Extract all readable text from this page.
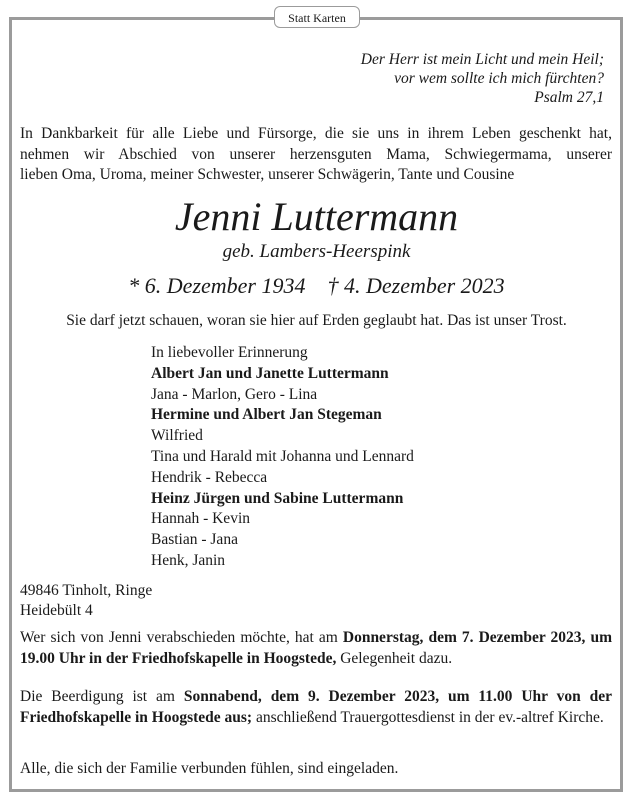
Statt Karten
Der Herr ist mein Licht und mein Heil;
vor wem sollte ich mich fürchten?
Psalm 27,1
In Dankbarkeit für alle Liebe und Fürsorge, die sie uns in ihrem Leben geschenkt hat,
nehmen wir Abschied von unserer herzensguten Mama, Schwiegermama, unserer
lieben Oma, Uroma, meiner Schwester, unserer Schwägerin, Tante und Cousine
Jenni Luttermann
geb. Lambers-Heerspink
* 6. Dezember 1934    † 4. Dezember 2023
Sie darf jetzt schauen, woran sie hier auf Erden geglaubt hat. Das ist unser Trost.
In liebevoller Erinnerung
Albert Jan und Janette Luttermann
Jana - Marlon, Gero - Lina
Hermine und Albert Jan Stegeman
Wilfried
Tina und Harald mit Johanna und Lennard
Hendrik - Rebecca
Heinz Jürgen und Sabine Luttermann
Hannah - Kevin
Bastian - Jana
Henk, Janin
49846 Tinholt, Ringe
Heidebült 4
Wer sich von Jenni verabschieden möchte, hat am Donnerstag, dem 7. Dezember 2023, um 19.00 Uhr in der Friedhofskapelle in Hoogstede, Gelegenheit dazu.
Die Beerdigung ist am Sonnabend, dem 9. Dezember 2023, um 11.00 Uhr von der Friedhofskapelle in Hoogstede aus; anschließend Trauergottesdienst in der ev.-altref Kirche.
Alle, die sich der Familie verbunden fühlen, sind eingeladen.
